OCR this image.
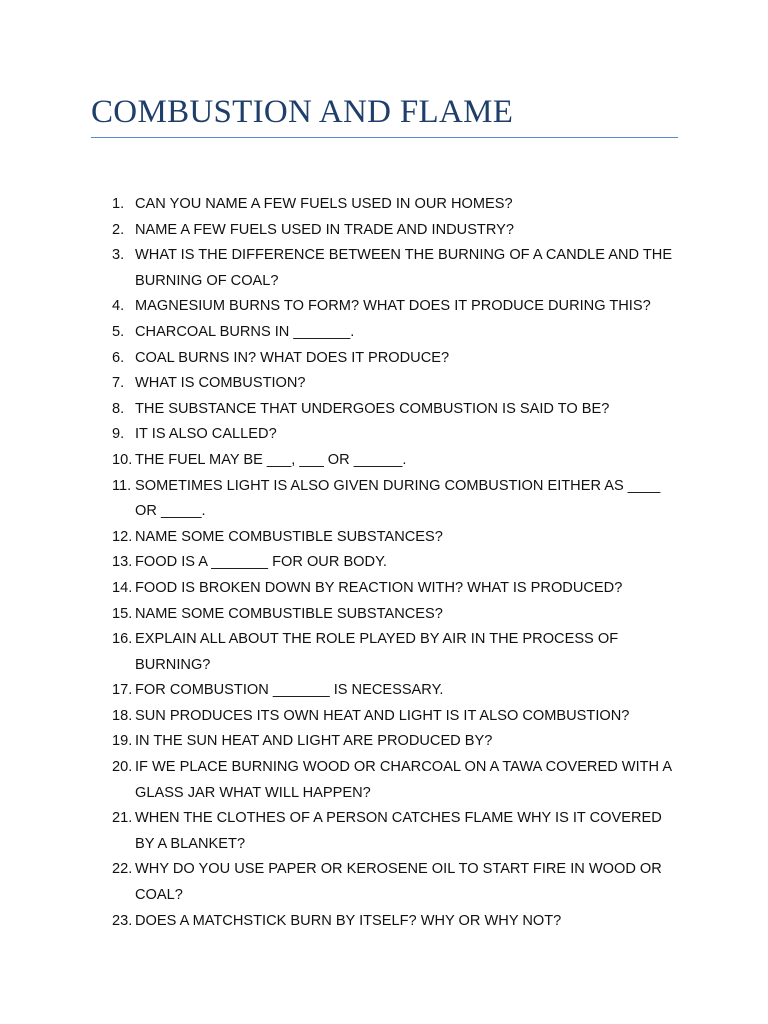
COMBUSTION AND FLAME
1. CAN YOU NAME A FEW FUELS USED IN OUR HOMES?
2. NAME A FEW FUELS USED IN TRADE AND INDUSTRY?
3. WHAT IS THE DIFFERENCE BETWEEN THE BURNING OF A CANDLE AND THE BURNING OF COAL?
4. MAGNESIUM BURNS TO FORM? WHAT DOES IT PRODUCE DURING THIS?
5. CHARCOAL BURNS IN _______.
6. COAL BURNS IN? WHAT DOES IT PRODUCE?
7. WHAT IS COMBUSTION?
8. THE SUBSTANCE THAT UNDERGOES COMBUSTION IS SAID TO BE?
9. IT IS ALSO CALLED?
10. THE FUEL MAY BE ___, ___ OR ______.
11. SOMETIMES LIGHT IS ALSO GIVEN DURING COMBUSTION EITHER AS ____ OR _____.
12. NAME SOME COMBUSTIBLE SUBSTANCES?
13. FOOD IS A _______ FOR OUR BODY.
14. FOOD IS BROKEN DOWN BY REACTION WITH? WHAT IS PRODUCED?
15. NAME SOME COMBUSTIBLE SUBSTANCES?
16. EXPLAIN ALL ABOUT THE ROLE PLAYED BY AIR IN THE PROCESS OF BURNING?
17. FOR COMBUSTION _______ IS NECESSARY.
18. SUN PRODUCES ITS OWN HEAT AND LIGHT IS IT ALSO COMBUSTION?
19. IN THE SUN HEAT AND LIGHT ARE PRODUCED BY?
20. IF WE PLACE BURNING WOOD OR CHARCOAL ON A TAWA COVERED WITH A GLASS JAR WHAT WILL HAPPEN?
21. WHEN THE CLOTHES OF A PERSON CATCHES FLAME WHY IS IT COVERED BY A BLANKET?
22. WHY DO YOU USE PAPER OR KEROSENE OIL TO START FIRE IN WOOD OR COAL?
23. DOES A MATCHSTICK BURN BY ITSELF? WHY OR WHY NOT?
